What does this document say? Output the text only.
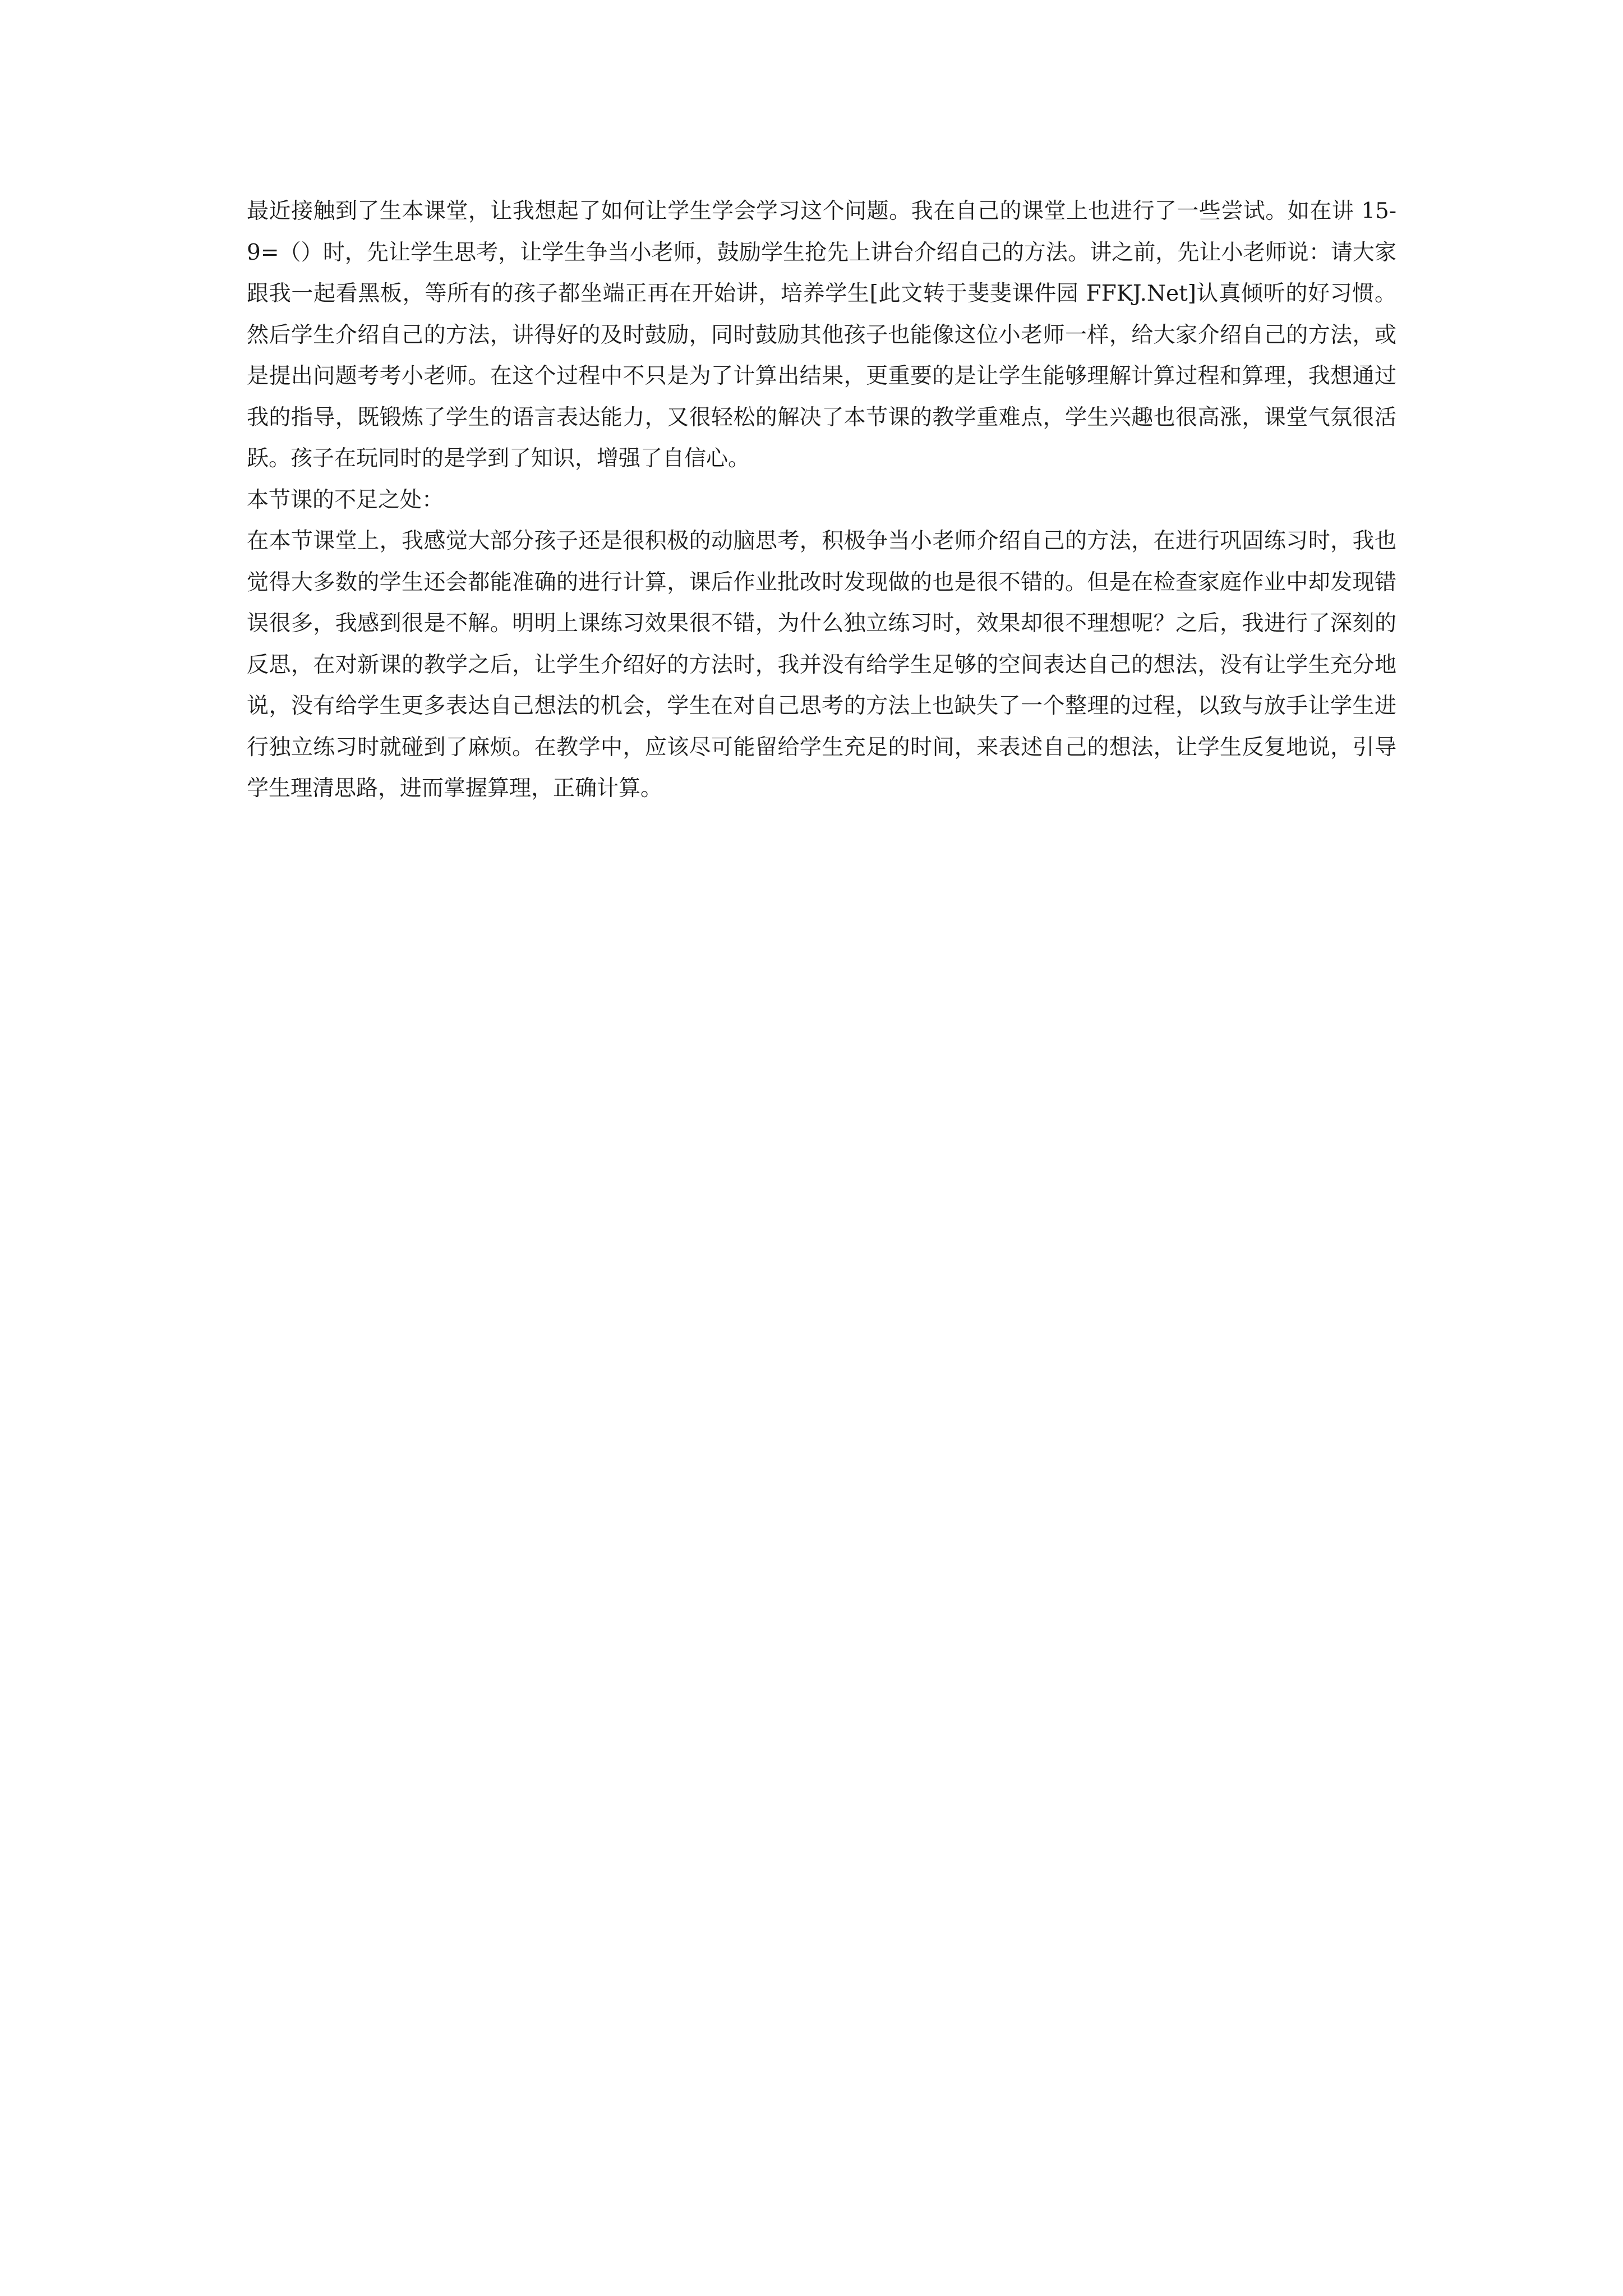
最近接触到了生本课堂，让我想起了如何让学生学会学习这个问题。我在自己的课堂上也进行了一些尝试。如在讲 15-9=（）时，先让学生思考，让学生争当小老师，鼓励学生抢先上讲台介绍自己的方法。讲之前，先让小老师说：请大家跟我一起看黑板，等所有的孩子都坐端正再在开始讲，培养学生[此文转于斐斐课件园 FFKJ.Net]认真倾听的好习惯。然后学生介绍自己的方法，讲得好的及时鼓励，同时鼓励其他孩子也能像这位小老师一样，给大家介绍自己的方法，或是提出问题考考小老师。在这个过程中不只是为了计算出结果，更重要的是让学生能够理解计算过程和算理，我想通过我的指导，既锻炼了学生的语言表达能力，又很轻松的解决了本节课的教学重难点，学生兴趣也很高涨，课堂气氛很活跃。孩子在玩同时的是学到了知识，增强了自信心。

本节课的不足之处：

在本节课堂上，我感觉大部分孩子还是很积极的动脑思考，积极争当小老师介绍自己的方法，在进行巩固练习时，我也觉得大多数的学生还会都能准确的进行计算，课后作业批改时发现做的也是很不错的。但是在检查家庭作业中却发现错误很多，我感到很是不解。明明上课练习效果很不错，为什么独立练习时，效果却很不理想呢？之后，我进行了深刻的反思，在对新课的教学之后，让学生介绍好的方法时，我并没有给学生足够的空间表达自己的想法，没有让学生充分地说，没有给学生更多表达自己想法的机会，学生在对自己思考的方法上也缺失了一个整理的过程，以致与放手让学生进行独立练习时就碰到了麻烦。在教学中，应该尽可能留给学生充足的时间，来表述自己的想法，让学生反复地说，引导学生理清思路，进而掌握算理，正确计算。
